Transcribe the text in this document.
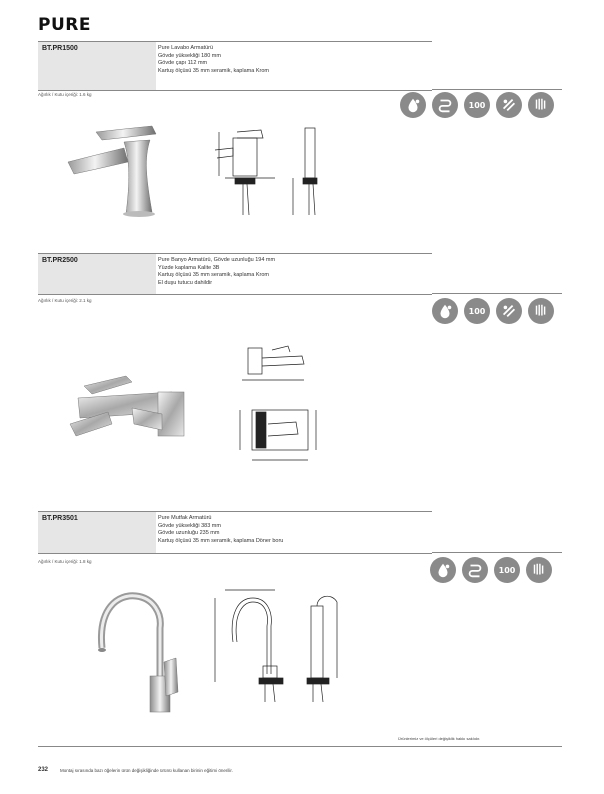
PURE
BT.PR1500	Pure Lavabo Armatürü
Gövde yüksekliği 180 mm
Gövde çapı 112 mm
Kartuş ölçüsü 35 mm seramik, kaplama Krom
Ağırlık / Kutu içeriği: 1.6 kg
100
BT.PR2500	Pure Banyo Armatürü, Gövde uzunluğu 194 mm
Yüzde kaplama Kalite 3B
Kartuş ölçüsü 35 mm seramik, kaplama Krom
El duşu tutucu dahildir
Ağırlık / Kutu içeriği: 2.1 kg
100
BT.PR3501	Pure Mutfak Armatürü
Gövde yüksekliği 383 mm
Gövde uzunluğu 235 mm
Kartuş ölçüsü 35 mm seramik, kaplama Döner boru
Ağırlık / Kutu içeriği: 1.8 kg
100
Ürünlerimiz ve ölçüleri değişiklik hakkı saklıdır.
232	Montaj sırasında bazı öğelerin ürün değişikliğinde ürünü kullanan birinin eğitimi önerilir.
